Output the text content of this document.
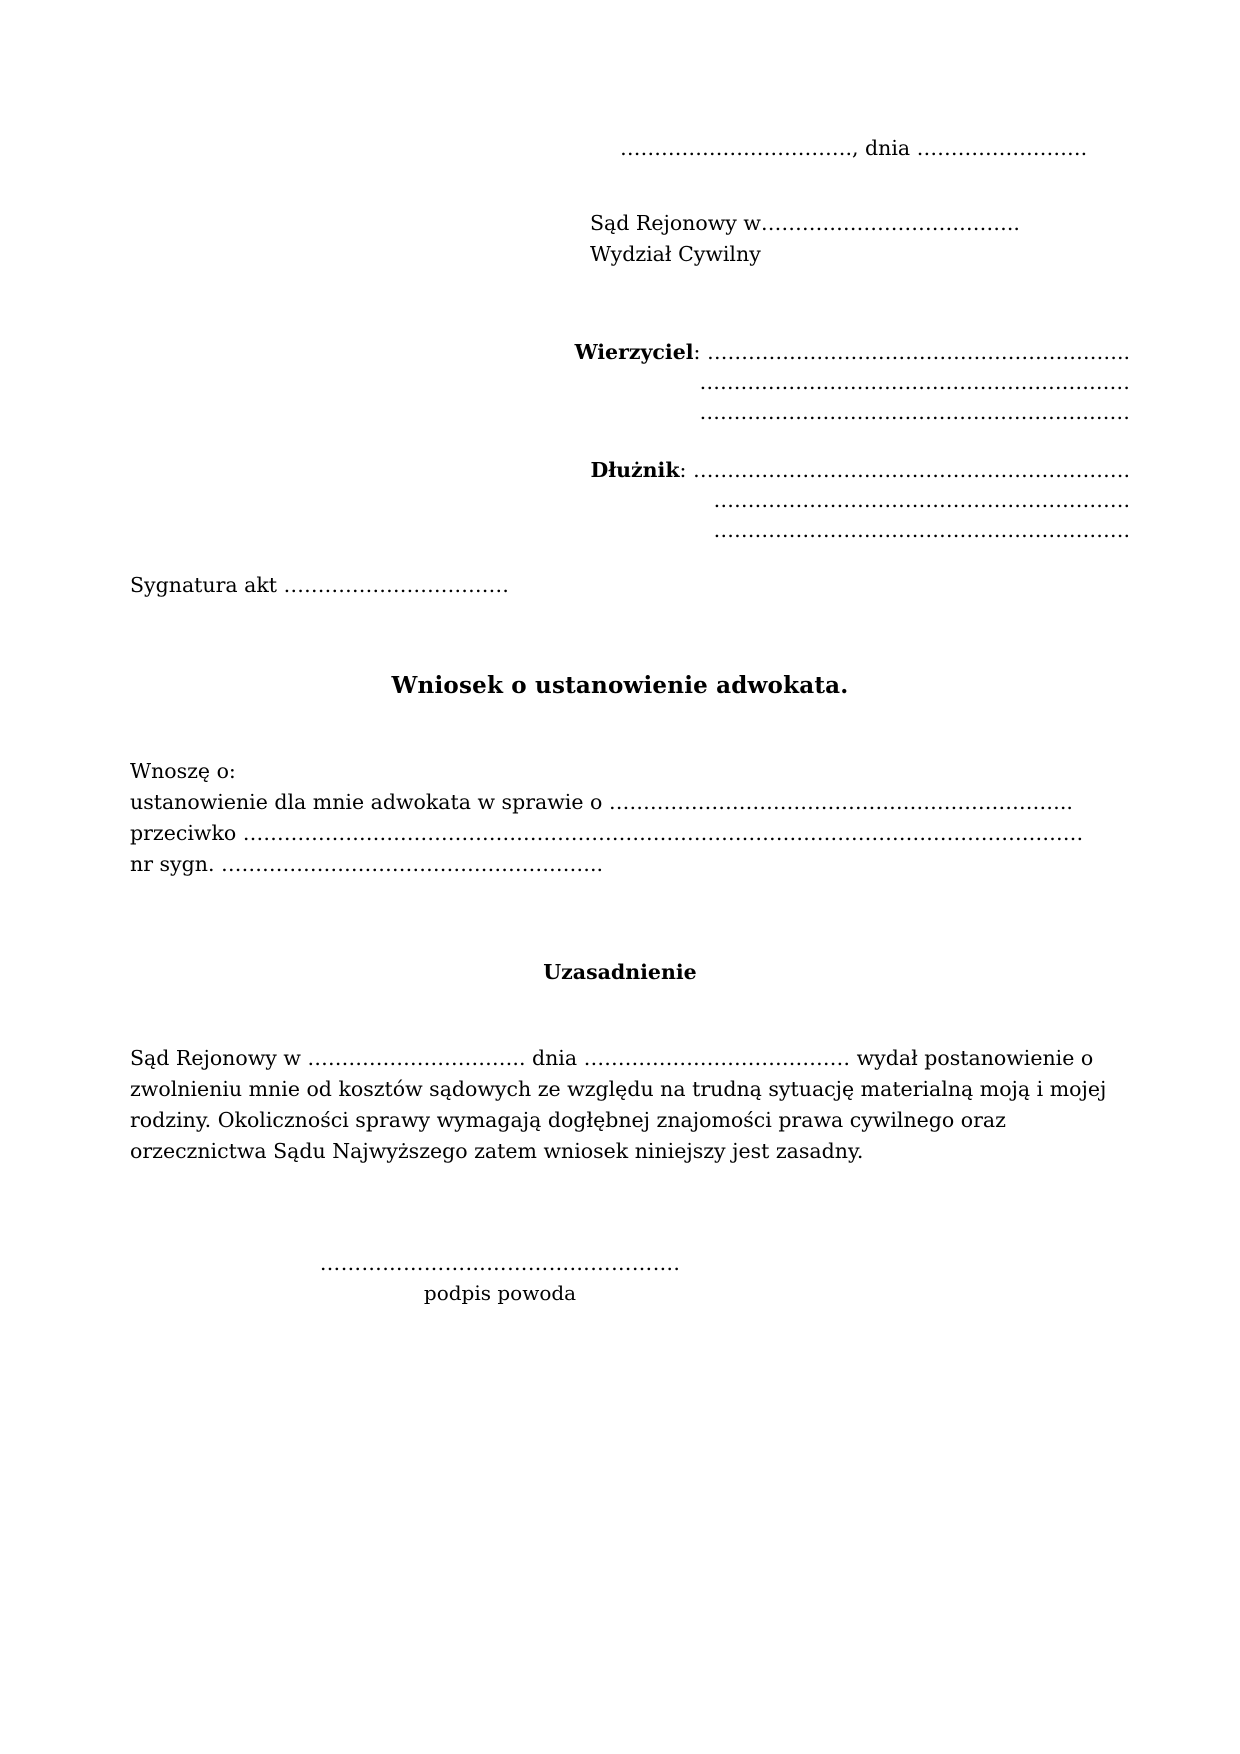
……………………………., dnia …………………….
Sąd Rejonowy w………………………………..
Wydział Cywilny
Wierzyciel: ……………………………………………………..
………………………………………………………
………………………………………………………
Dłużnik: ……………………………………………………….
…………………………………………………….
…………………………………………………….
Sygnatura akt ……………………………
Wniosek o ustanowienie adwokata.
Wnoszę o:
ustanowienie dla mnie adwokata w sprawie o …………………………………………………………..
przeciwko ……………………………………………………………………………………………………………
nr sygn. ………………………………………………..
Uzasadnienie
Sąd Rejonowy w ………………………….. dnia ………………………………… wydał postanowienie o zwolnieniu mnie od kosztów sądowych ze względu na trudną sytuację materialną moją i mojej rodziny. Okoliczności sprawy wymagają dogłębnej znajomości prawa cywilnego oraz orzecznictwa Sądu Najwyższego zatem wniosek niniejszy jest zasadny.
…………………………………………….
podpis powoda
